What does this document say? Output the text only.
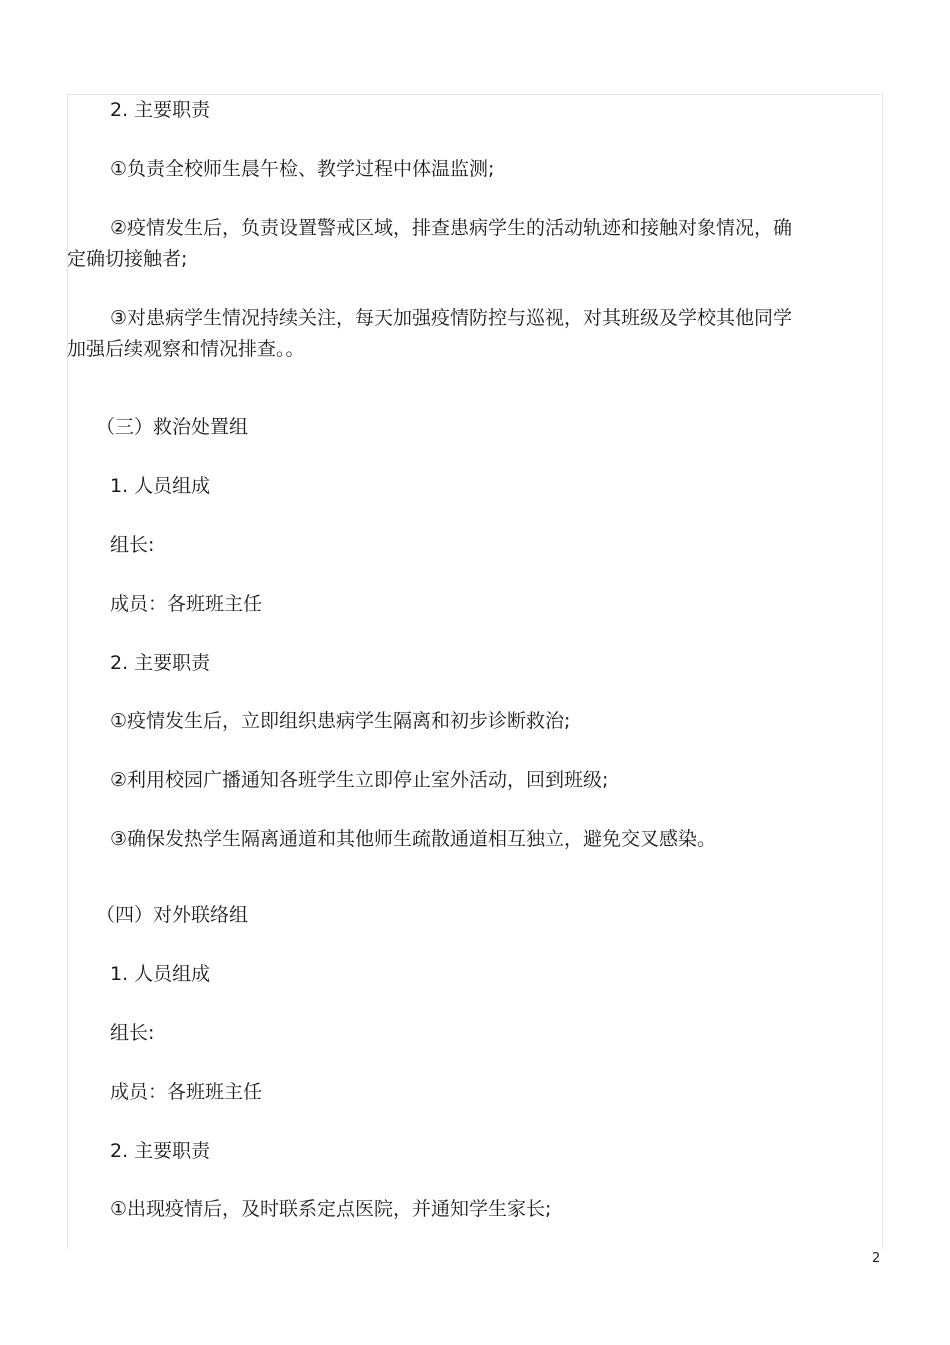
2. 主要职责

①负责全校师生晨午检、教学过程中体温监测;

②疫情发生后，负责设置警戒区域，排查患病学生的活动轨迹和接触对象情况，确

定确切接触者;

③对患病学生情况持续关注，每天加强疫情防控与巡视，对其班级及学校其他同学

加强后续观察和情况排查。。

（三）救治处置组

1. 人员组成

组长:

成员：各班班主任

2. 主要职责

①疫情发生后，立即组织患病学生隔离和初步诊断救治;

②利用校园广播通知各班学生立即停止室外活动，回到班级;

③确保发热学生隔离通道和其他师生疏散通道相互独立，避免交叉感染。

（四）对外联络组

1. 人员组成

组长:

成员：各班班主任

2. 主要职责

①出现疫情后，及时联系定点医院，并通知学生家长;

2
